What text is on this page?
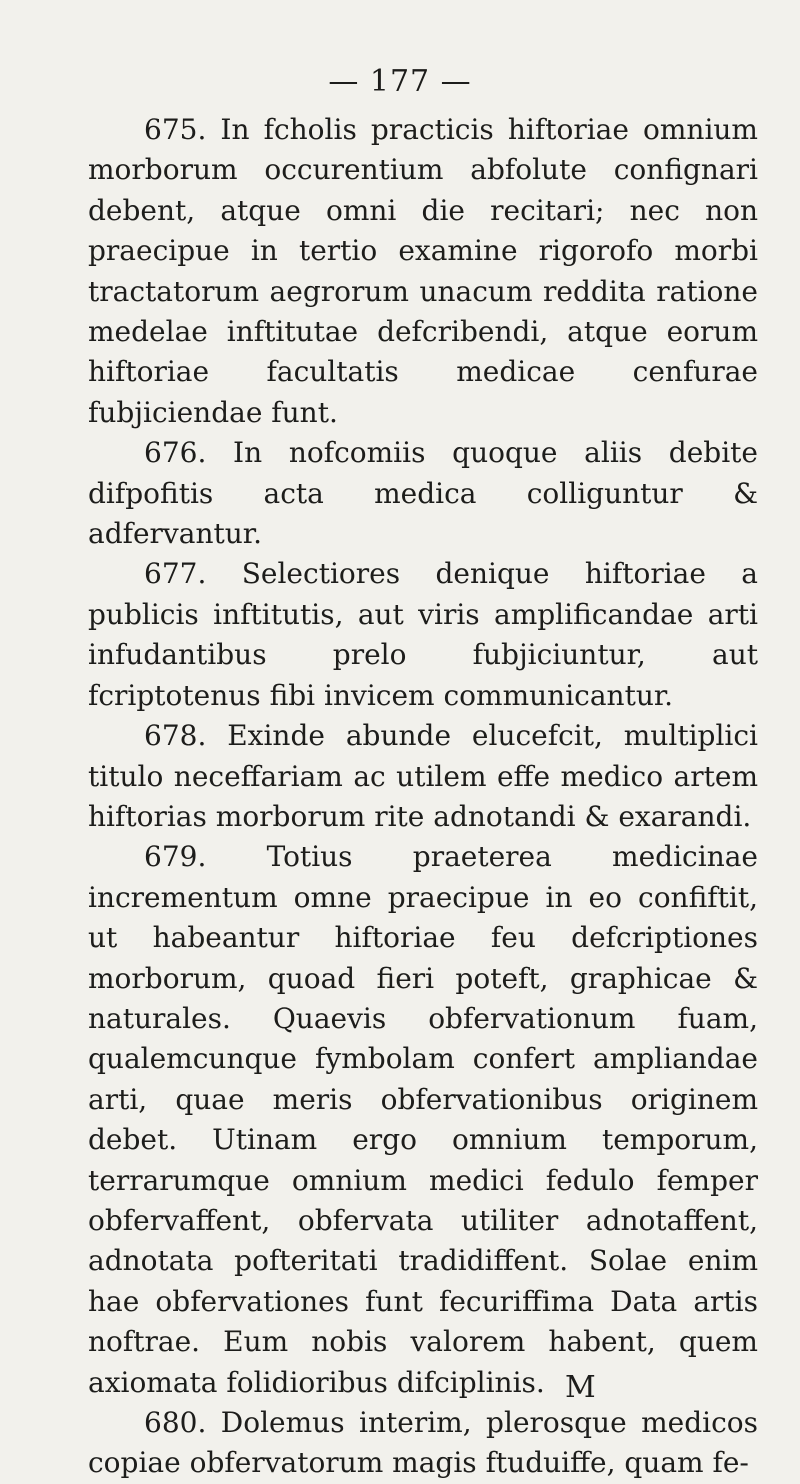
— 177 —

675. In fcholis practicis hiftoriae omnium morborum occurentium abfolute confignari debent, atque omni die recitari; nec non praecipue in tertio examine rigorofo morbi tractatorum aegrorum unacum reddita ratione medelae inftitutae defcribendi, atque eorum hiftoriae facultatis medicae cenfurae fubjiciendae funt.

676. In nofcomiis quoque aliis debite difpofitis acta medica colliguntur & adfervantur.

677. Selectiores denique hiftoriae a publicis inftitutis, aut viris amplificandae arti infudantibus prelo fubjiciuntur, aut fcriptotenus fibi invicem communicantur.

678. Exinde abunde elucefcit, multiplici titulo neceffariam ac utilem effe medico artem hiftorias morborum rite adnotandi & exarandi.

679. Totius praeterea medicinae incrementum omne praecipue in eo confiftit, ut habeantur hiftoriae feu defcriptiones morborum, quoad fieri poteft, graphicae & naturales. Quaevis obfervationum fuam, qualemcunque fymbolam confert ampliandae arti, quae meris obfervationibus originem debet. Utinam ergo omnium temporum, terrarumque omnium medici fedulo femper obfervaffent, obfervata utiliter adnotaffent, adnotata pofteritati tradidiffent. Solae enim hae obfervationes funt fecuriffima Data artis noftrae. Eum nobis valorem habent, quem axiomata folidioribus difciplinis.

680. Dolemus interim, plerosque medicos copiae obfervatorum magis ftuduiffe, quam fe-

M
